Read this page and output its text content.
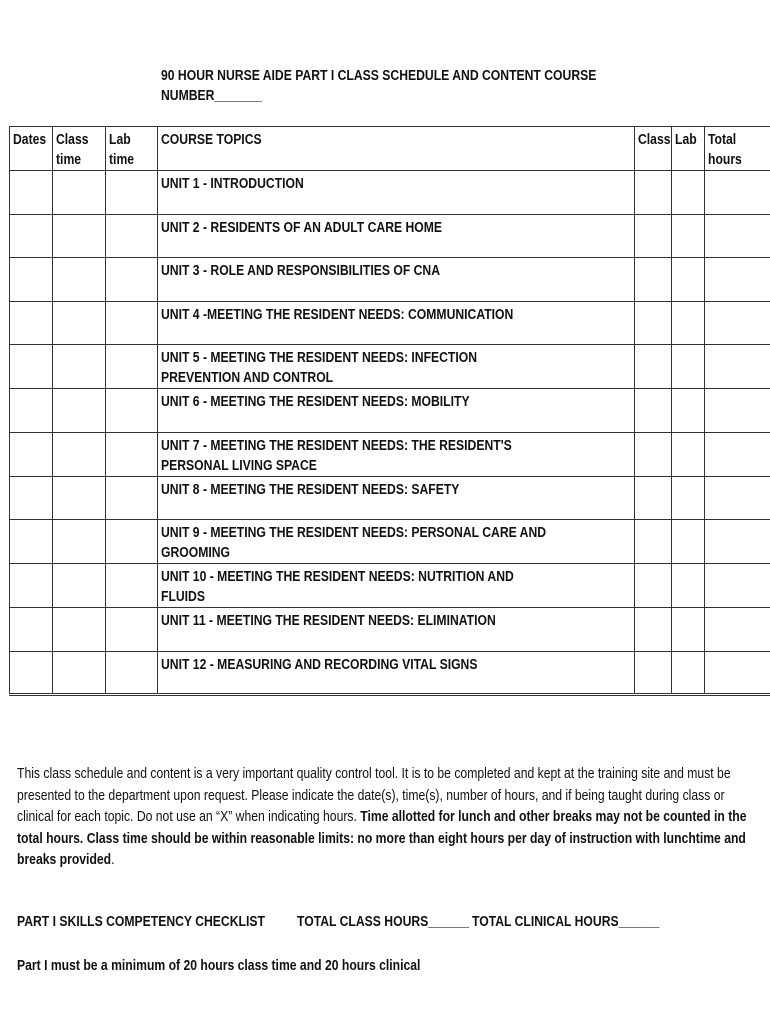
90 HOUR NURSE AIDE PART I CLASS SCHEDULE AND CONTENT COURSE
NUMBER_______
Dates	Class time	Lab time	COURSE TOPICS	Class	Lab	Total hours

			UNIT 1 - INTRODUCTION			

			UNIT 2 - RESIDENTS OF AN ADULT CARE HOME			

			UNIT 3 - ROLE AND RESPONSIBILITIES OF CNA			

			UNIT 4 -MEETING THE RESIDENT NEEDS: COMMUNICATION			

			UNIT 5 - MEETING THE RESIDENT NEEDS: INFECTION PREVENTION AND CONTROL			

			UNIT 6 - MEETING THE RESIDENT NEEDS: MOBILITY			

			UNIT 7 - MEETING THE RESIDENT NEEDS: THE RESIDENT'S PERSONAL LIVING SPACE			

			UNIT 8 - MEETING THE RESIDENT NEEDS: SAFETY			

			UNIT 9 - MEETING THE RESIDENT NEEDS: PERSONAL CARE AND GROOMING			

			UNIT 10 - MEETING THE RESIDENT NEEDS: NUTRITION AND FLUIDS			

			UNIT 11 - MEETING THE RESIDENT NEEDS: ELIMINATION			

			UNIT 12 - MEASURING AND RECORDING VITAL SIGNS			

This class schedule and content is a very important quality control tool. It is to be completed and kept at the training site and must be presented to the department upon request. Please indicate the date(s), time(s), number of hours, and if being taught during class or clinical for each topic. Do not use an “X” when indicating hours. Time allotted for lunch and other breaks may not be counted in the total hours. Class time should be within reasonable limits: no more than eight hours per day of instruction with lunchtime and breaks provided.
PART I SKILLS COMPETENCY CHECKLIST	TOTAL CLASS HOURS______ TOTAL CLINICAL HOURS______
Part I must be a minimum of 20 hours class time and 20 hours clinical
